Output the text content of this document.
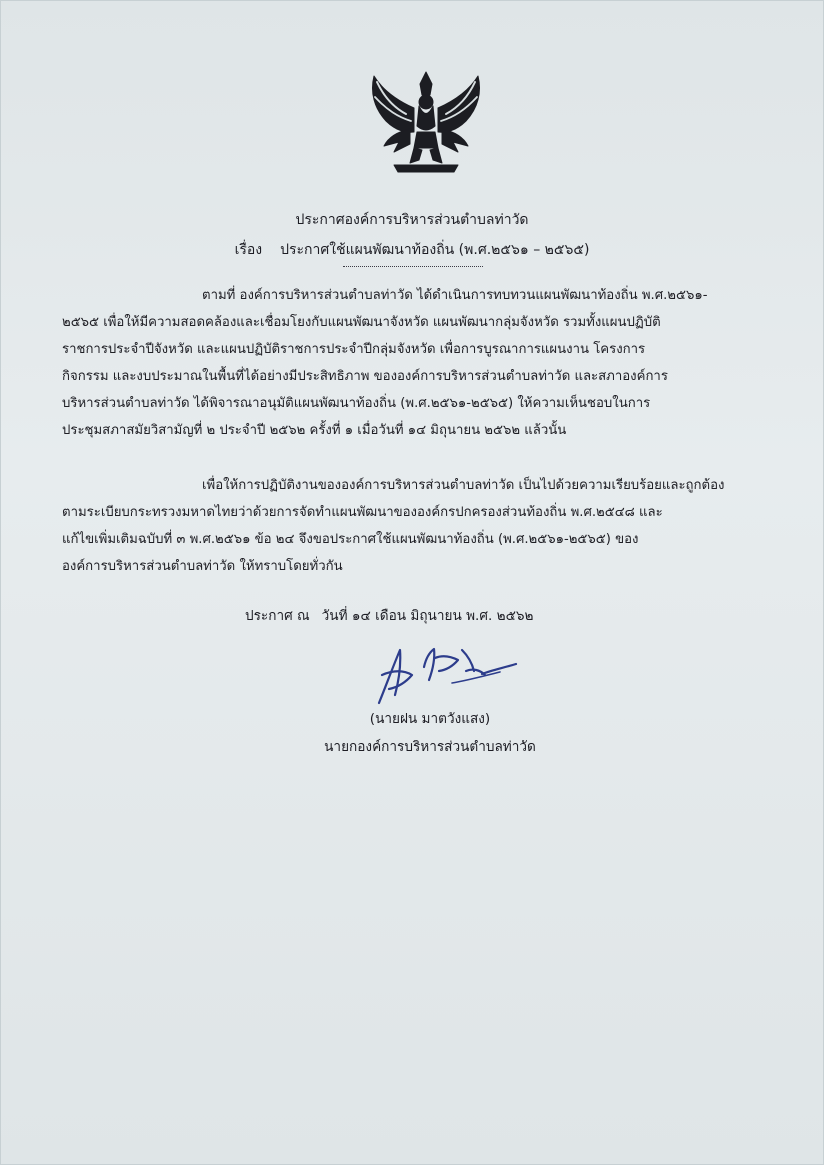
ประกาศองค์การบริหารส่วนตำบลท่าวัด
เรื่อง ประกาศใช้แผนพัฒนาท้องถิ่น (พ.ศ.๒๕๖๑ – ๒๕๖๕)
ตามที่ องค์การบริหารส่วนตำบลท่าวัด ได้ดำเนินการทบทวนแผนพัฒนาท้องถิ่น พ.ศ.๒๕๖๑-
๒๕๖๕ เพื่อให้มีความสอดคล้องและเชื่อมโยงกับแผนพัฒนาจังหวัด แผนพัฒนากลุ่มจังหวัด รวมทั้งแผนปฏิบัติ
ราชการประจำปีจังหวัด และแผนปฏิบัติราชการประจำปีกลุ่มจังหวัด เพื่อการบูรณาการแผนงาน โครงการ
กิจกรรม และงบประมาณในพื้นที่ได้อย่างมีประสิทธิภาพ ขององค์การบริหารส่วนตำบลท่าวัด และสภาองค์การ
บริหารส่วนตำบลท่าวัด ได้พิจารณาอนุมัติแผนพัฒนาท้องถิ่น (พ.ศ.๒๕๖๑-๒๕๖๕) ให้ความเห็นชอบในการ
ประชุมสภาสมัยวิสามัญที่ ๒ ประจำปี ๒๕๖๒ ครั้งที่ ๑ เมื่อวันที่ ๑๔ มิถุนายน ๒๕๖๒ แล้วนั้น
เพื่อให้การปฏิบัติงานขององค์การบริหารส่วนตำบลท่าวัด เป็นไปด้วยความเรียบร้อยและถูกต้อง
ตามระเบียบกระทรวงมหาดไทยว่าด้วยการจัดทำแผนพัฒนาขององค์กรปกครองส่วนท้องถิ่น พ.ศ.๒๕๔๘ และ
แก้ไขเพิ่มเติมฉบับที่ ๓ พ.ศ.๒๕๖๑ ข้อ ๒๔ จึงขอประกาศใช้แผนพัฒนาท้องถิ่น (พ.ศ.๒๕๖๑-๒๕๖๕) ของ
องค์การบริหารส่วนตำบลท่าวัด ให้ทราบโดยทั่วกัน
ประกาศ ณ วันที่ ๑๔ เดือน มิถุนายน พ.ศ. ๒๕๖๒
(นายฝน มาตวังแสง)
นายกองค์การบริหารส่วนตำบลท่าวัด
